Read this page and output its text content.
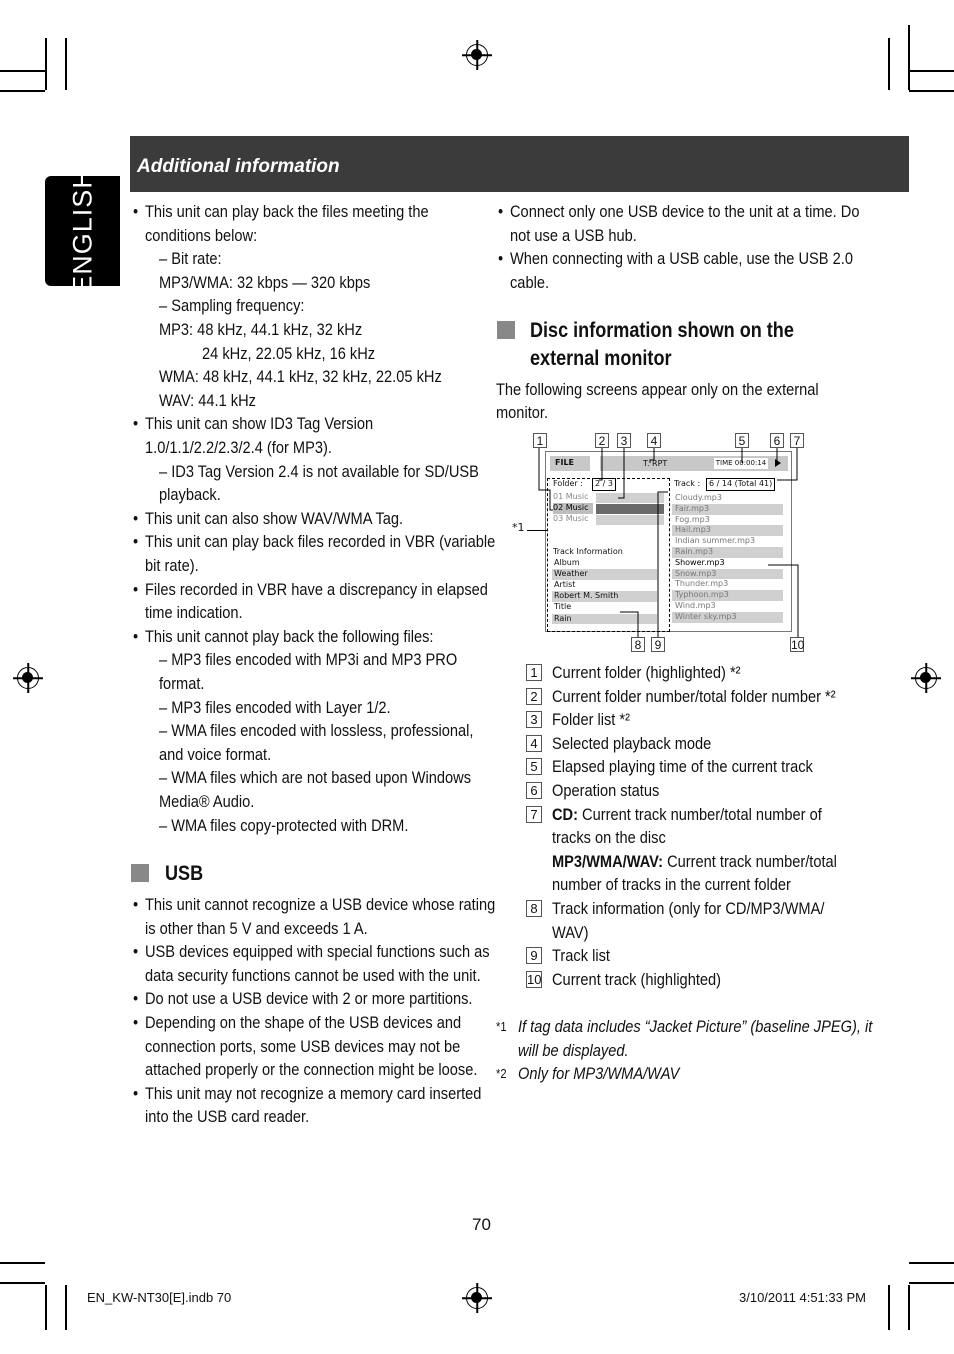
Additional information
ENGLISH
•	This unit can play back the files meeting the
conditions below:
– Bit rate:
MP3/WMA: 32 kbps — 320 kbps
– Sampling frequency:
MP3: 48 kHz, 44.1 kHz, 32 kHz
24 kHz, 22.05 kHz, 16 kHz
WMA: 48 kHz, 44.1 kHz, 32 kHz, 22.05 kHz
WAV: 44.1 kHz
• This unit can show ID3 Tag Version
1.0/1.1/2.2/2.3/2.4 (for MP3).
– ID3 Tag Version 2.4 is not available for SD/USB
playback.
• This unit can also show WAV/WMA Tag.
• This unit can play back files recorded in VBR (variable
bit rate).
• Files recorded in VBR have a discrepancy in elapsed
time indication.
• This unit cannot play back the following files:
– MP3 files encoded with MP3i and MP3 PRO
format.
– MP3 files encoded with Layer 1/2.
– WMA files encoded with lossless, professional,
and voice format.
– WMA files which are not based upon Windows
Media® Audio.
– WMA files copy-protected with DRM.
USB
• This unit cannot recognize a USB device whose rating
is other than 5 V and exceeds 1 A.
• USB devices equipped with special functions such as
data security functions cannot be used with the unit.
• Do not use a USB device with 2 or more partitions.
• Depending on the shape of the USB devices and
connection ports, some USB devices may not be
attached properly or the connection might be loose.
• This unit may not recognize a memory card inserted
into the USB card reader.
• Connect only one USB device to the unit at a time. Do
not use a USB hub.
• When connecting with a USB cable, use the USB 2.0
cable.
Disc information shown on the
external monitor
The following screens appear only on the external
monitor.
FILE	T. RPT	TIME 00:00:14
Folder :	2 / 3	Track :	6 / 14 (Total 41)
01 Music
02 Music
03 Music
Cloudy.mp3
Fair.mp3
Fog.mp3
Hail.mp3
Indian summer.mp3
Rain.mp3
Shower.mp3
Snow.mp3
Thunder.mp3
Typhoon.mp3
Wind.mp3
Winter sky.mp3
Track Information
Album
Weather
Artist
Robert M. Smith
Title
Rain
*1
1	2	3	4	5	6	7
8	9	10
1 Current folder (highlighted) *²
2 Current folder number/total folder number *²
3 Folder list *²
4 Selected playback mode
5 Elapsed playing time of the current track
6 Operation status
7 CD: Current track number/total number of
tracks on the disc
MP3/WMA/WAV: Current track number/total
number of tracks in the current folder
8 Track information (only for CD/MP3/WMA/
WAV)
9 Track list
10 Current track (highlighted)
*1 If tag data includes “Jacket Picture” (baseline JPEG), it
will be displayed.
*2 Only for MP3/WMA/WAV
70
EN_KW-NT30[E].indb 70	3/10/2011 4:51:33 PM
